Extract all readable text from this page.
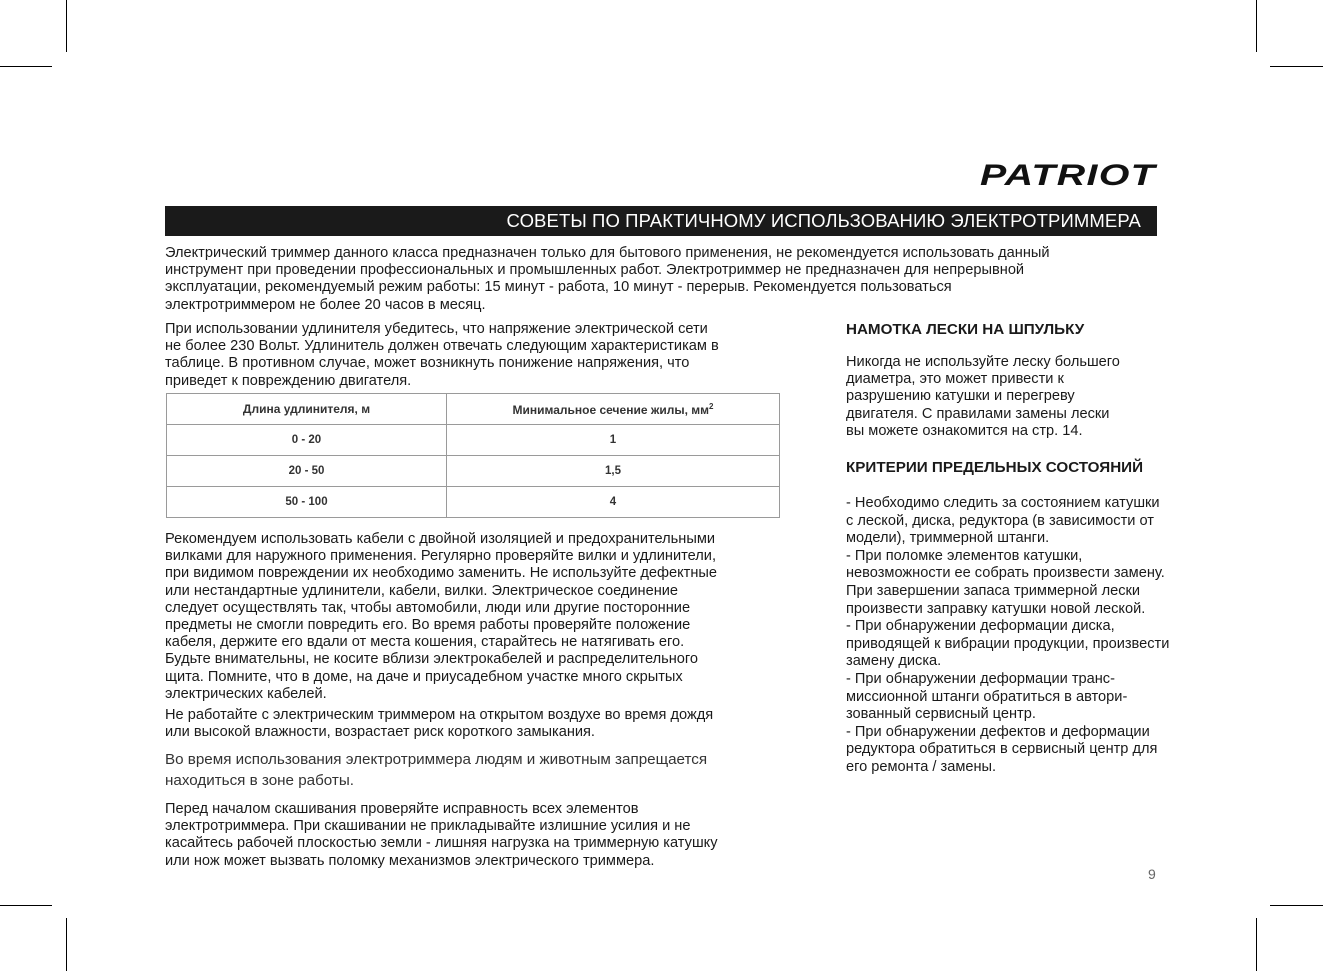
PATRIOT
СОВЕТЫ ПО ПРАКТИЧНОМУ ИСПОЛЬЗОВАНИЮ ЭЛЕКТРОТРИММЕРА

Электрический триммер данного класса предназначен только для бытового применения, не рекомендуется использовать данный
инструмент при проведении профессиональных и промышленных работ. Электротриммер не предназначен для непрерывной
эксплуатации, рекомендуемый режим работы: 15 минут - работа, 10 минут - перерыв. Рекомендуется пользоваться
электротриммером не более 20 часов в месяц.

При использовании удлинителя убедитесь, что напряжение электрической сети
не более 230 Вольт. Удлинитель должен отвечать следующим характеристикам в
таблице. В противном случае, может возникнуть понижение напряжения, что
приведет к повреждению двигателя.

Длина удлинителя, м	Минимальное сечение жилы, $мм^2$
0 - 20	1
20 - 50	1,5
50 - 100	4

Рекомендуем использовать кабели с двойной изоляцией и предохранительными
вилками для наружного применения. Регулярно проверяйте вилки и удлинители,
при видимом повреждении их необходимо заменить. Не используйте дефектные
или нестандартные удлинители, кабели, вилки. Электрическое соединение
следует осуществлять так, чтобы автомобили, люди или другие посторонние
предметы не смогли повредить его. Во время работы проверяйте положение
кабеля, держите его вдали от места кошения, старайтесь не натягивать его.
Будьте внимательны, не косите вблизи электрокабелей и распределительного
щита. Помните, что в доме, на даче и приусадебном участке много скрытых
электрических кабелей.

Не работайте с электрическим триммером на открытом воздухе во время дождя
или высокой влажности, возрастает риск короткого замыкания.

Во время использования электротриммера людям и животным запрещается
находиться в зоне работы.

Перед началом скашивания проверяйте исправность всех элементов
электротриммера. При скашивании не прикладывайте излишние усилия и не
касайтесь рабочей плоскостью земли - лишняя нагрузка на триммерную катушку
или нож может вызвать поломку механизмов электрического триммера.

НАМОТКА ЛЕСКИ НА ШПУЛЬКУ

Никогда не используйте леску большего
диаметра, это может привести к
разрушению катушки и перегреву
двигателя. С правилами замены лески
вы можете ознакомится на стр. 14.

КРИТЕРИИ ПРЕДЕЛЬНЫХ СОСТОЯНИЙ

- Необходимо следить за состоянием катушки
с леской, диска, редуктора (в зависимости от
модели), триммерной штанги.
- При поломке элементов катушки,
невозможности ее собрать произвести замену.
При завершении запаса триммерной лески
произвести заправку катушки новой леской.
- При обнаружении деформации диска,
приводящей к вибрации продукции, произвести
замену диска.
- При обнаружении деформации транс-
миссионной штанги обратиться в автори-
зованный сервисный центр.
- При обнаружении дефектов и деформации
редуктора обратиться в сервисный центр для
его ремонта / замены.

9
